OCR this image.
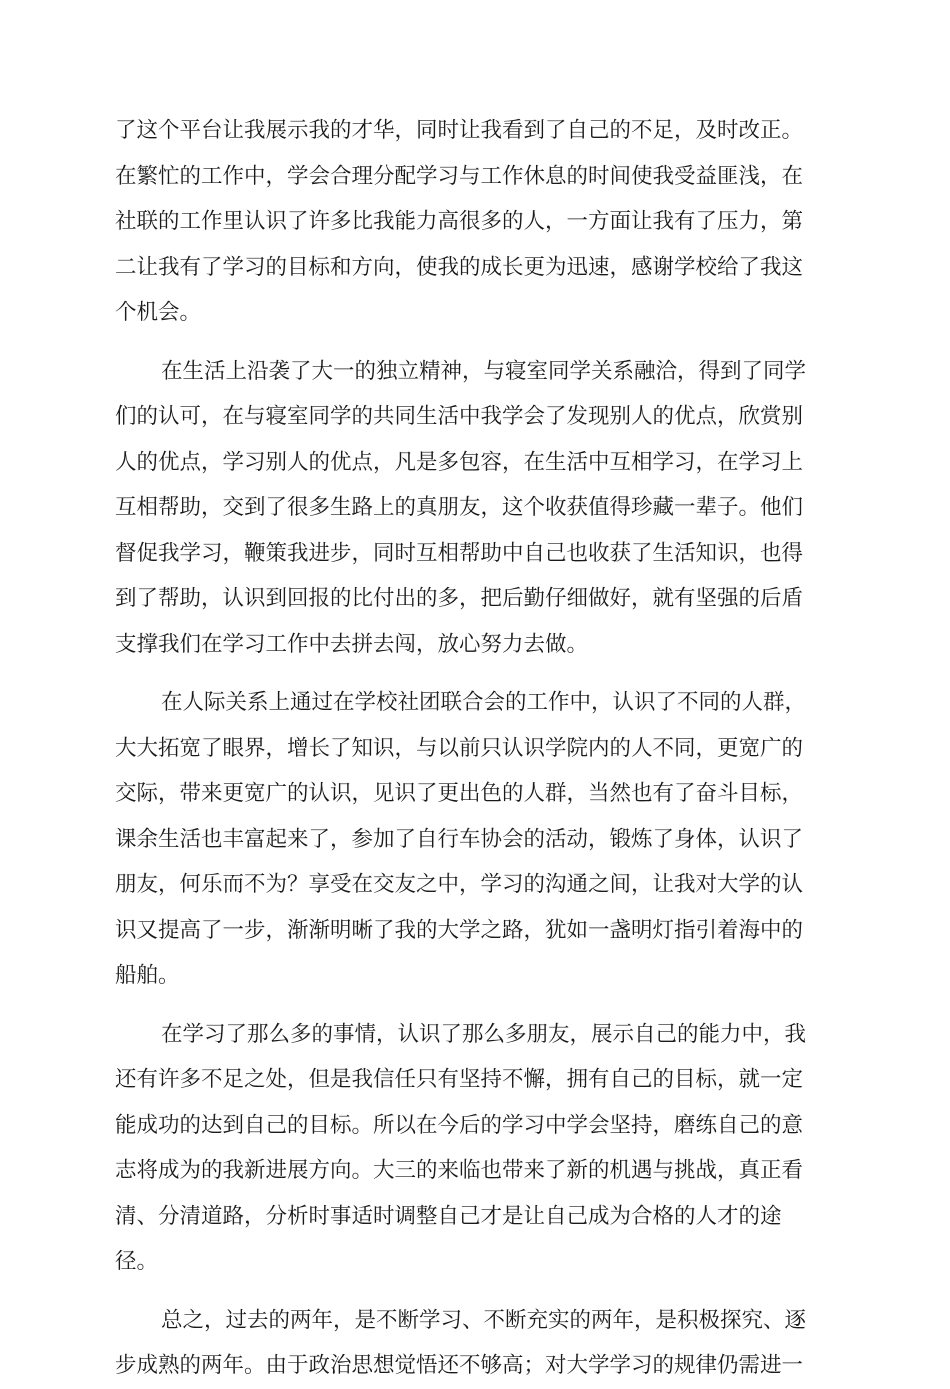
了这个平台让我展示我的才华，同时让我看到了自己的不足，及时改正。
在繁忙的工作中，学会合理分配学习与工作休息的时间使我受益匪浅，在
社联的工作里认识了许多比我能力高很多的人，一方面让我有了压力，第
二让我有了学习的目标和方向，使我的成长更为迅速，感谢学校给了我这
个机会。
在生活上沿袭了大一的独立精神，与寝室同学关系融洽，得到了同学
们的认可，在与寝室同学的共同生活中我学会了发现别人的优点，欣赏别
人的优点，学习别人的优点，凡是多包容，在生活中互相学习，在学习上
互相帮助，交到了很多生路上的真朋友，这个收获值得珍藏一辈子。他们
督促我学习，鞭策我进步，同时互相帮助中自己也收获了生活知识，也得
到了帮助，认识到回报的比付出的多，把后勤仔细做好，就有坚强的后盾
支撑我们在学习工作中去拼去闯，放心努力去做。
在人际关系上通过在学校社团联合会的工作中，认识了不同的人群，
大大拓宽了眼界，增长了知识，与以前只认识学院内的人不同，更宽广的
交际，带来更宽广的认识，见识了更出色的人群，当然也有了奋斗目标，
课余生活也丰富起来了，参加了自行车协会的活动，锻炼了身体，认识了
朋友，何乐而不为？享受在交友之中，学习的沟通之间，让我对大学的认
识又提高了一步，渐渐明晰了我的大学之路，犹如一盏明灯指引着海中的
船舶。
在学习了那么多的事情，认识了那么多朋友，展示自己的能力中，我
还有许多不足之处，但是我信任只有坚持不懈，拥有自己的目标，就一定
能成功的达到自己的目标。所以在今后的学习中学会坚持，磨练自己的意
志将成为的我新进展方向。大三的来临也带来了新的机遇与挑战，真正看
清、分清道路，分析时事适时调整自己才是让自己成为合格的人才的途
径。
总之，过去的两年，是不断学习、不断充实的两年，是积极探究、逐
步成熟的两年。由于政治思想觉悟还不够高；对大学学习的规律仍需进一
